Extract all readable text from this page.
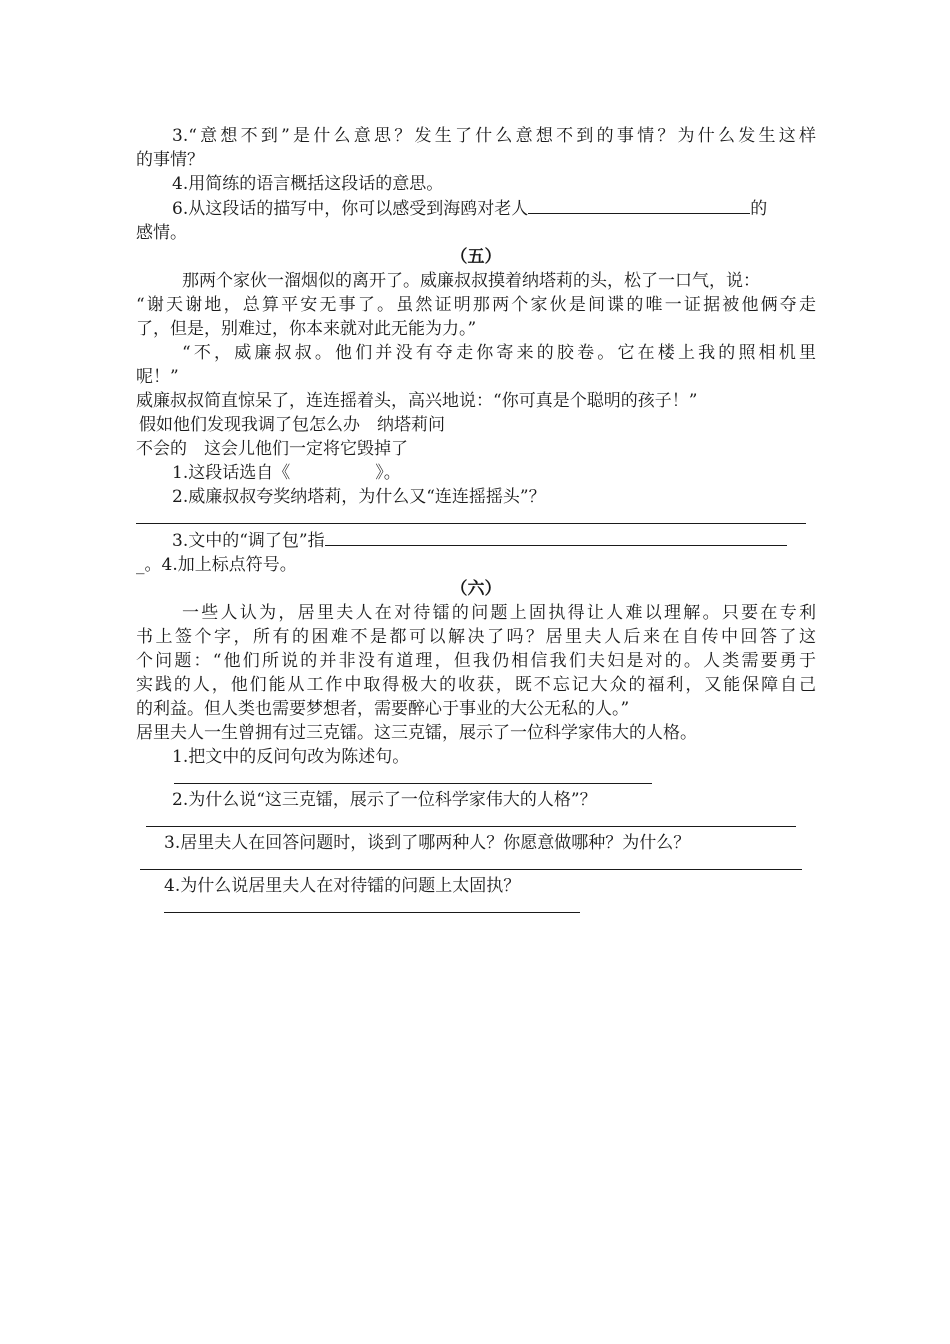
3.“意想不到”是什么意思？发生了什么意想不到的事情？为什么发生这样
的事情？
4.用简练的语言概括这段话的意思。
6.从这段话的描写中，你可以感受到海鸥对老人	的
感情。
（五）
那两个家伙一溜烟似的离开了。威廉叔叔摸着纳塔莉的头，松了一口气，说：
“谢天谢地，总算平安无事了。虽然证明那两个家伙是间谍的唯一证据被他俩夺走
了，但是，别难过，你本来就对此无能为力。”
“不，威廉叔叔。他们并没有夺走你寄来的胶卷。它在楼上我的照相机里
呢！”
威廉叔叔简直惊呆了，连连摇着头，高兴地说：“你可真是个聪明的孩子！”
假如他们发现我调了包怎么办　纳塔莉问
不会的　这会儿他们一定将它毁掉了
1.这段话选自《　　　　　》。
2.威廉叔叔夸奖纳塔莉，为什么又“连连摇摇头”？
3.文中的“调了包”指
_。4.加上标点符号。
（六）
一些人认为，居里夫人在对待镭的问题上固执得让人难以理解。只要在专利
书上签个字，所有的困难不是都可以解决了吗？居里夫人后来在自传中回答了这
个问题：“他们所说的并非没有道理，但我仍相信我们夫妇是对的。人类需要勇于
实践的人，他们能从工作中取得极大的收获，既不忘记大众的福利，又能保障自己
的利益。但人类也需要梦想者，需要醉心于事业的大公无私的人。”
居里夫人一生曾拥有过三克镭。这三克镭，展示了一位科学家伟大的人格。
1.把文中的反问句改为陈述句。
2.为什么说“这三克镭，展示了一位科学家伟大的人格”？
3.居里夫人在回答问题时，谈到了哪两种人？你愿意做哪种？为什么？
4.为什么说居里夫人在对待镭的问题上太固执？
